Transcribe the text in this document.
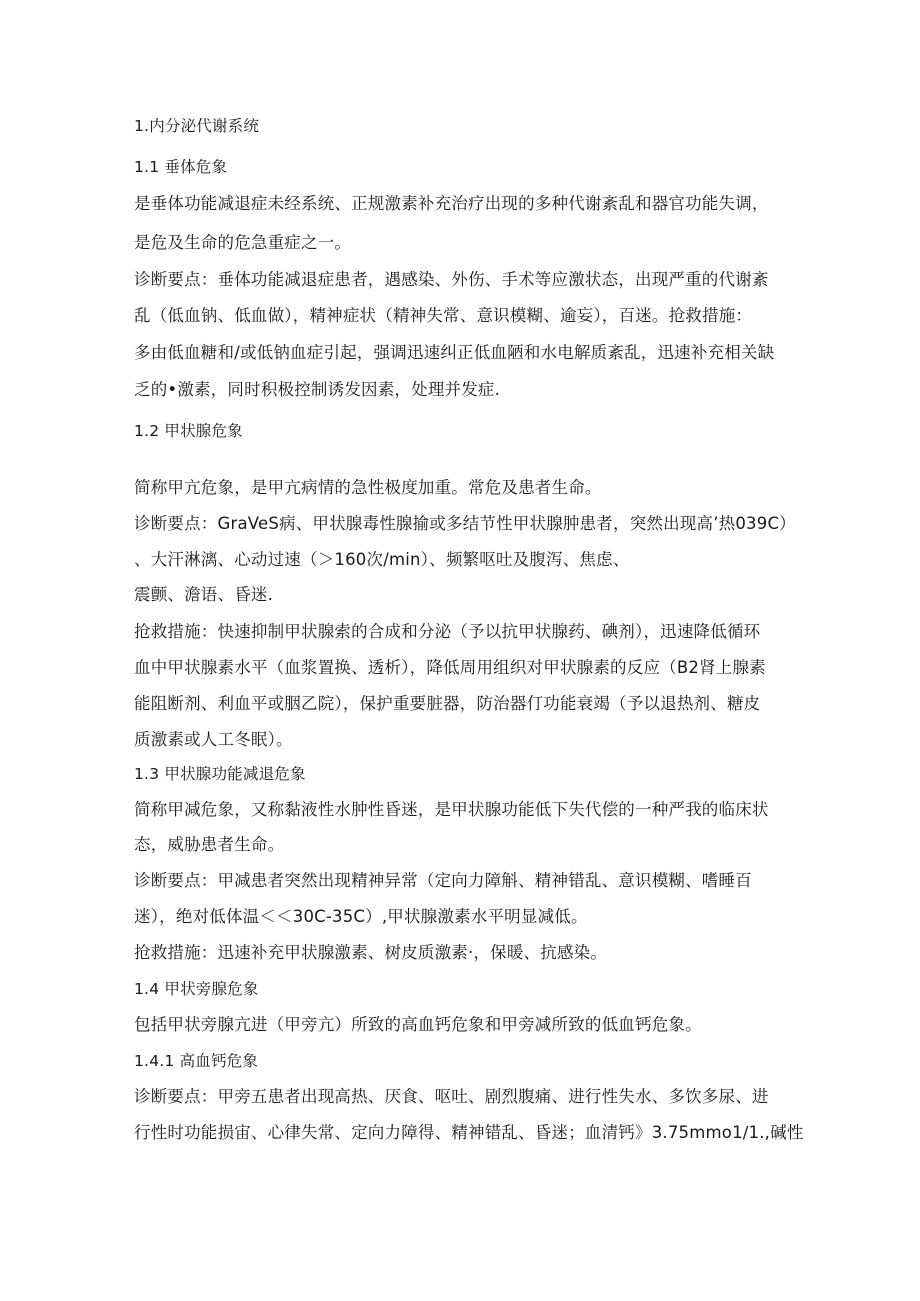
1.内分泌代谢系统
1.1 垂体危象
是垂体功能减退症未经系统、正规激素补充治疗出现的多种代谢紊乱和器官功能失调，
是危及生命的危急重症之一。
诊断要点：垂体功能减退症患者，遇感染、外伤、手术等应激状态，出现严重的代谢紊
乱（低血钠、低血做），精神症状（精神失常、意识模糊、逾妄），百迷。抢救措施：
多由低血糖和/或低钠血症引起，强调迅速纠正低血陋和水电解质紊乱，迅速补充相关缺
乏的•激素，同时积极控制诱发因素，处理并发症.
1.2 甲状腺危象
简称甲亢危象，是甲亢病情的急性极度加重。常危及患者生命。
诊断要点：GraVeS病、甲状腺毒性腺揄或多结节性甲状腺肿患者，突然出现高’热039C）
、大汗淋漓、心动过速（＞160次/min）、频繁呕吐及腹泻、焦虑、
震颤、澹语、昏迷.
抢救措施：快速抑制甲状腺索的合成和分泌（予以抗甲状腺药、碘剂），迅速降低循环
血中甲状腺素水平（血浆置换、透析），降低周用组织对甲状腺素的反应（B2肾上腺素
能阻断剂、利血平或胭乙院），保护重要脏器，防治器仃功能衰竭（予以退热剂、糖皮
质激素或人工冬眠）。
1.3 甲状腺功能减退危象
简称甲减危象，又称黏液性水肿性昏迷，是甲状腺功能低下失代偿的一种严我的临床状
态，威胁患者生命。
诊断要点：甲减患者突然出现精神异常（定向力障斛、精神错乱、意识模糊、嗜睡百
迷），绝对低体温＜＜30C-35C）,甲状腺激素水平明显减低。
抢救措施：迅速补充甲状腺激素、树皮质激素·，保暖、抗感染。
1.4 甲状旁腺危象
包括甲状旁腺亢进（甲旁亢）所致的高血钙危象和甲旁减所致的低血钙危象。
1.4.1 高血钙危象
诊断要点：甲旁五患者出现高热、厌食、呕吐、剧烈腹痛、进行性失水、多饮多尿、进
行性时功能损宙、心律失常、定向力障得、精神错乱、昏迷；血清钙》3.75mmo1∕1.,碱性
